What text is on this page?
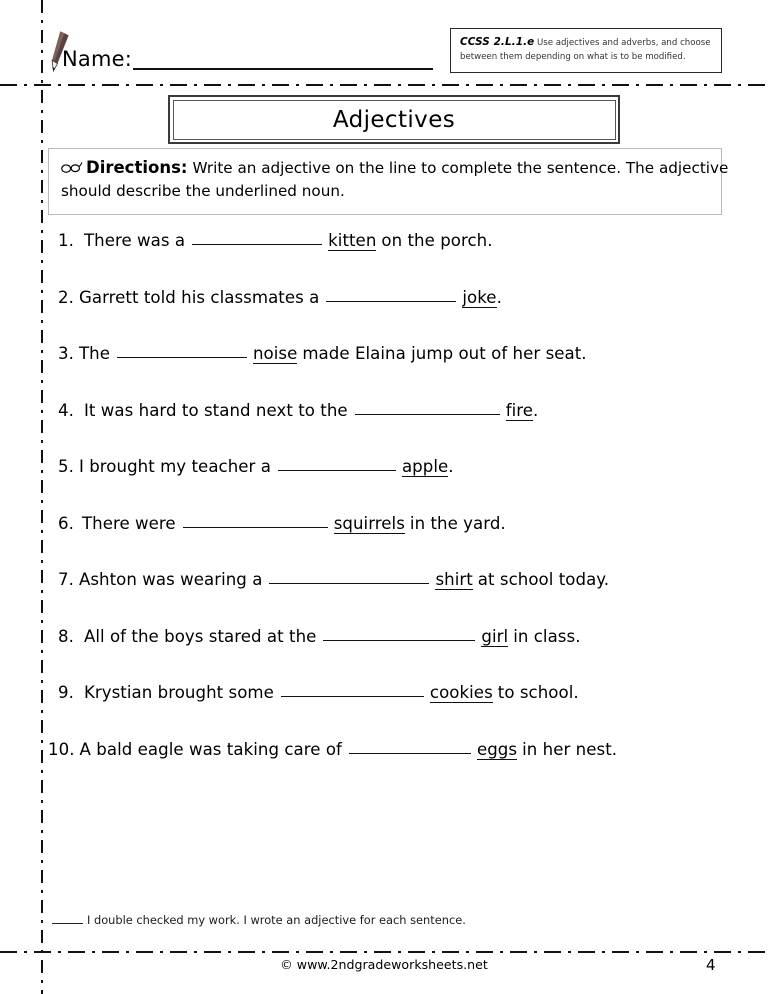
Name:
CCSS 2.L.1.e Use adjectives and adverbs, and choose
between them depending on what is to be modified.
Adjectives
Directions: Write an adjective on the line to complete the sentence. The adjective
should describe the underlined noun.
1. There was a	kitten on the porch.
2. Garrett told his classmates a	joke .
3. The	noise made Elaina jump out of her seat.
4. It was hard to stand next to the	fire .
5. I brought my teacher a	apple .
6. There were	squirrels in the yard.
7. Ashton was wearing a	shirt at school today.
8. All of the boys stared at the	girl in class.
9. Krystian brought some	cookies to school.
10. A bald eagle was taking care of	eggs in her nest.
I double checked my work. I wrote an adjective for each sentence.
© www.2ndgradeworksheets.net	4
